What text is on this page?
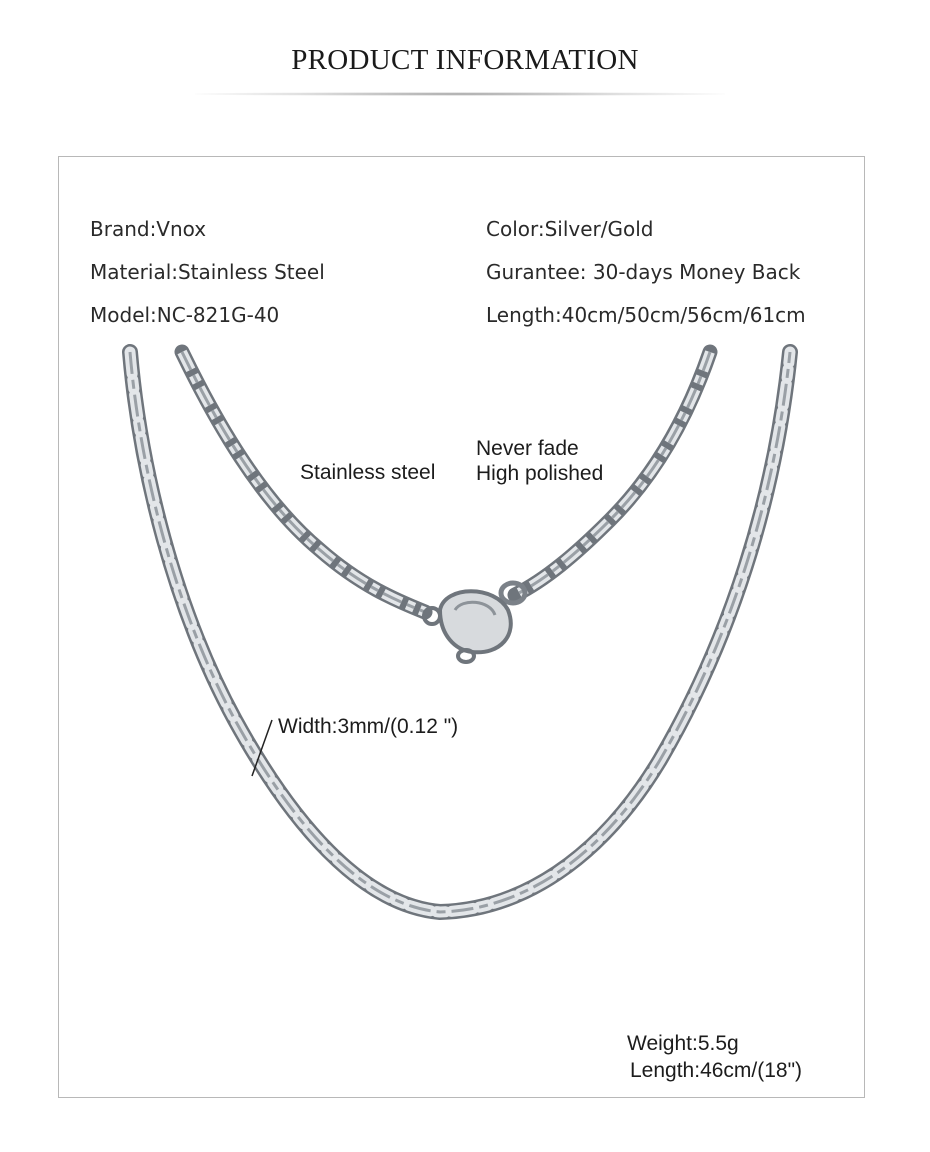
PRODUCT INFORMATION
Brand:Vnox
Material:Stainless Steel
Model:NC-821G-40
Color:Silver/Gold
Gurantee: 30-days Money Back
Length:40cm/50cm/56cm/61cm
Stainless steel
Never fade
High polished
Width:3mm/(0.12 ")
Weight:5.5g
Length:46cm/(18")
